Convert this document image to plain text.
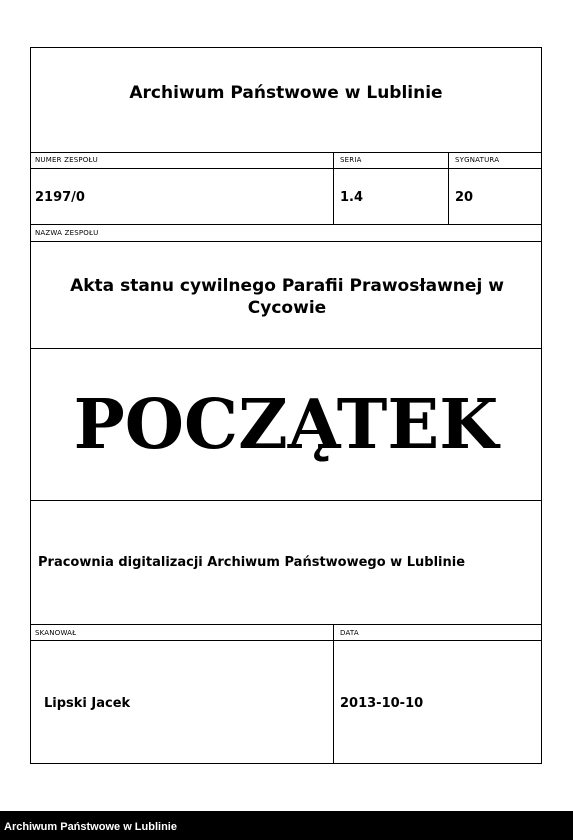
Archiwum Państwowe w Lublinie
NUMER ZESPOŁU	SERIA	SYGNATURA
2197/0	1.4	20
NAZWA ZESPOŁU
Akta stanu cywilnego Parafii Prawosławnej w Cycowie
POCZĄTEK
Pracownia digitalizacji Archiwum Państwowego w Lublinie
SKANOWAŁ	DATA
Lipski Jacek	2013-10-10
Archiwum Państwowe w Lublinie
